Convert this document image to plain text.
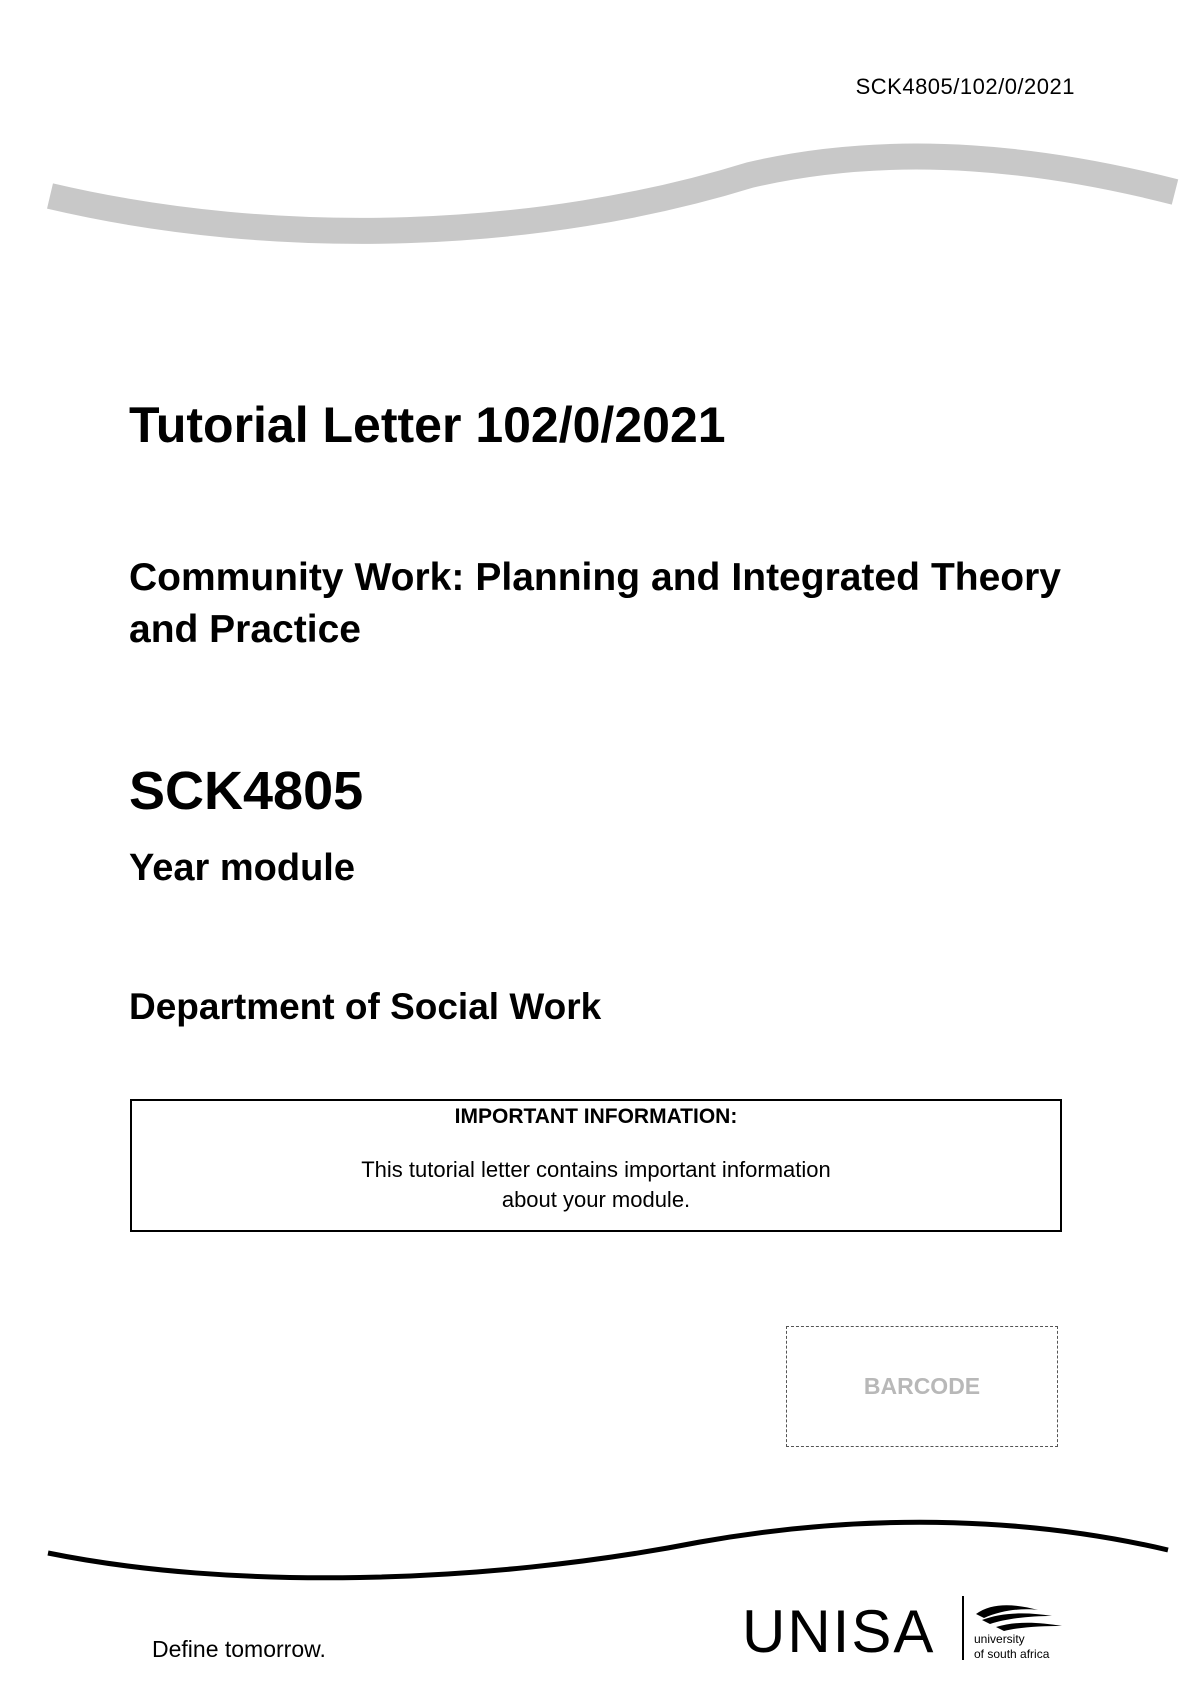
SCK4805/102/0/2021
Tutorial Letter 102/0/2021
Community Work: Planning and Integrated Theory and Practice
SCK4805
Year module
Department of Social Work
IMPORTANT INFORMATION:
This tutorial letter contains important information
about your module.
BARCODE
Define tomorrow.	UNISA	university
of south africa
